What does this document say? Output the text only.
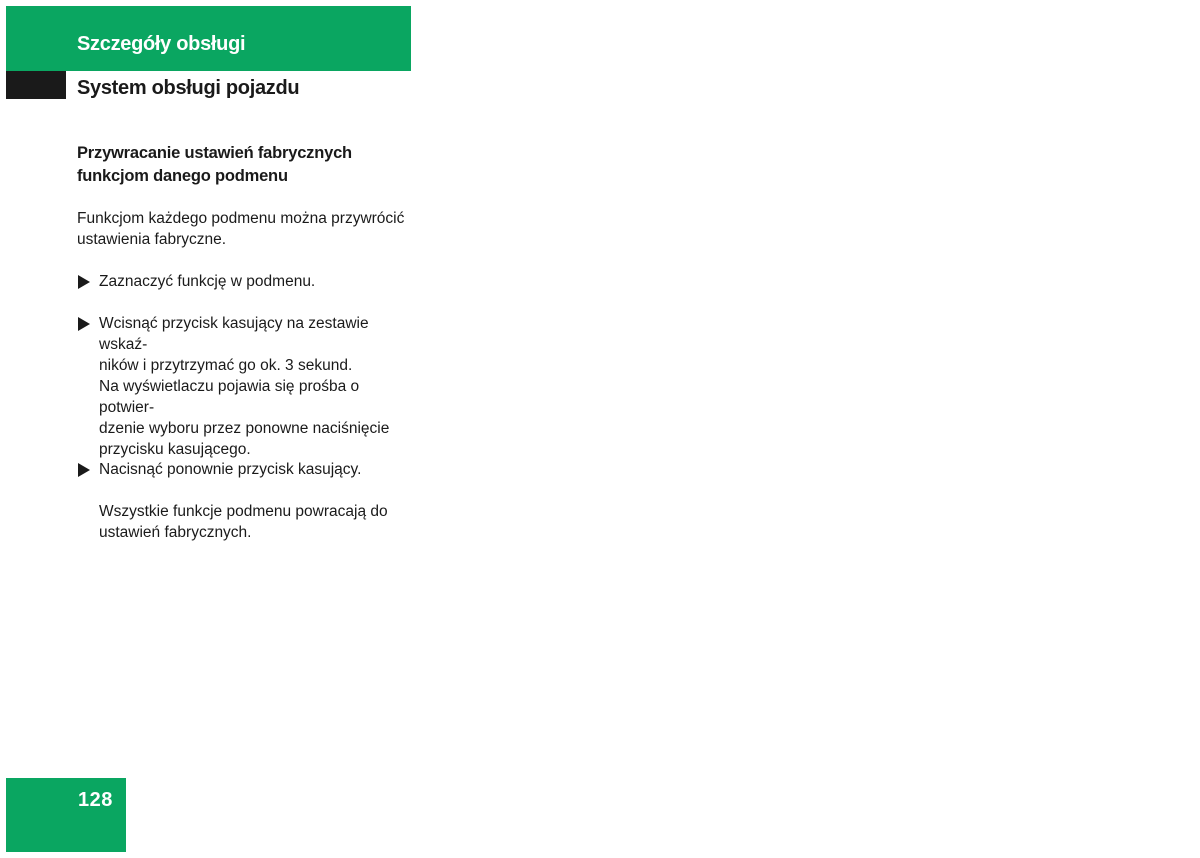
Szczegóły obsługi
System obsługi pojazdu
Przywracanie ustawień fabrycznych
funkcjom danego podmenu
Funkcjom każdego podmenu można przywrócić
ustawienia fabryczne.
Zaznaczyć funkcję w podmenu.
Wcisnąć przycisk kasujący na zestawie wskaź-
ników i przytrzymać go ok. 3 sekund.
Na wyświetlaczu pojawia się prośba o potwier-
dzenie wyboru przez ponowne naciśnięcie
przycisku kasującego.
Nacisnąć ponownie przycisk kasujący.
Wszystkie funkcje podmenu powracają do
ustawień fabrycznych.
128
